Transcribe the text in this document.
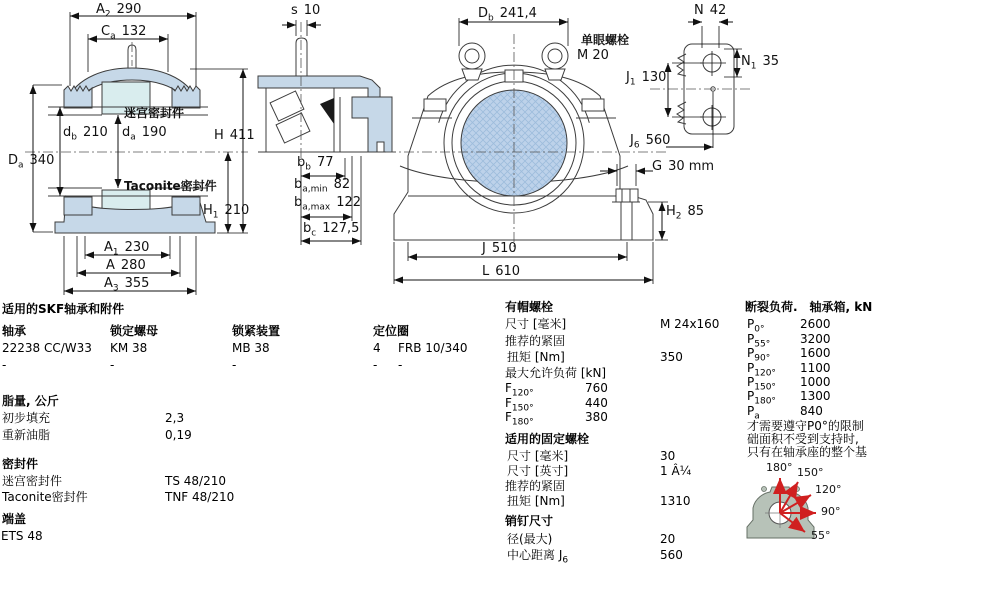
$A_2$ 290
$C_a$ 132
迷宫密封件
$d_b$ 210 $d_a$ 190
$D_a$ 340
H 411
Taconite密封件
$H_1$ 210
$A_1$ 230
A 280
$A_3$ 355
s 10
$b_b$ 77
$b_{a,min}$ 82
$b_{a,max}$ 122
$b_c$ 127,5
$D_b$ 241,4
单眼螺栓
M 20
J 510
L 610
N 42
$N_1$ 35
$J_1$ 130
$J_6$ 560
G 30 mm
$H_2$ 85
适用的SKF轴承和附件
轴承	锁定螺母	锁紧装置	定位圈
22238 CC/W33 KM 38	MB 38	4 FRB 10/340
-	-	-	- -
脂量, 公斤
初步填充	2,3
重新油脂	0,19
密封件
迷宫密封件	TS 48/210
Taconite密封件	TNF 48/210
端盖
ETS 48
有帽螺栓
尺寸 [毫米]	M 24x160
推荐的紧固
扭矩 [Nm]	350
最大允许负荷 [kN]
$F_{120^\circ}$	760
$F_{150^\circ}$	440
$F_{180^\circ}$	380
适用的固定螺栓
尺寸 [毫米]	30
尺寸 [英寸]	1 Â¼
推荐的紧固
扭矩 [Nm]	1310
销钉尺寸
径(最大)	20
中心距离 $J_6$	560
断裂负荷.　轴承箱, kN
$P_{0^\circ}$	2600
$P_{55^\circ}$ 3200
$P_{90^\circ}$ 1600
$P_{120^\circ}$ 1100
$P_{150^\circ}$ 1000
$P_{180^\circ}$ 1300
$P_a$	840
才需要遵守P0°的限制
础面积不受到支持时,
只有在轴承座的整个基
180° 150°
120°
90°
55°
